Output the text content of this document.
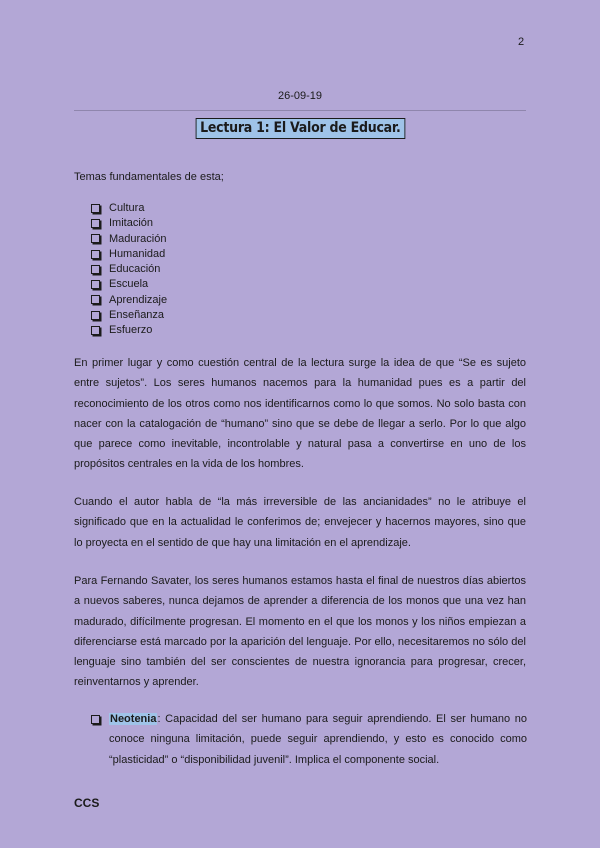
2
26-09-19
Lectura 1: El Valor de Educar.
Temas fundamentales de esta;
Cultura
Imitación
Maduración
Humanidad
Educación
Escuela
Aprendizaje
Enseñanza
Esfuerzo

En primer lugar y como cuestión central de la lectura surge la idea de que “Se es sujeto entre sujetos”. Los seres humanos nacemos para la humanidad pues es a partir del reconocimiento de los otros como nos identificarnos como lo que somos. No solo basta con nacer con la catalogación de “humano” sino que se debe de llegar a serlo. Por lo que algo que parece como inevitable, incontrolable y natural pasa a convertirse en uno de los propósitos centrales en la vida de los hombres.

Cuando el autor habla de “la más irreversible de las ancianidades” no le atribuye el significado que en la actualidad le conferimos de; envejecer y hacernos mayores, sino que lo proyecta en el sentido de que hay una limitación en el aprendizaje.

Para Fernando Savater, los seres humanos estamos hasta el final de nuestros días abiertos a nuevos saberes, nunca dejamos de aprender a diferencia de los monos que una vez han madurado, difícilmente progresan. El momento en el que los monos y los niños empiezan a diferenciarse está marcado por la aparición del lenguaje. Por ello, necesitaremos no sólo del lenguaje sino también del ser conscientes de nuestra ignorancia para progresar, crecer, reinventarnos y aprender.

Neotenia: Capacidad del ser humano para seguir aprendiendo. El ser humano no conoce ninguna limitación, puede seguir aprendiendo, y esto es conocido como “plasticidad” o “disponibilidad juvenil”. Implica el componente social.
CCS
